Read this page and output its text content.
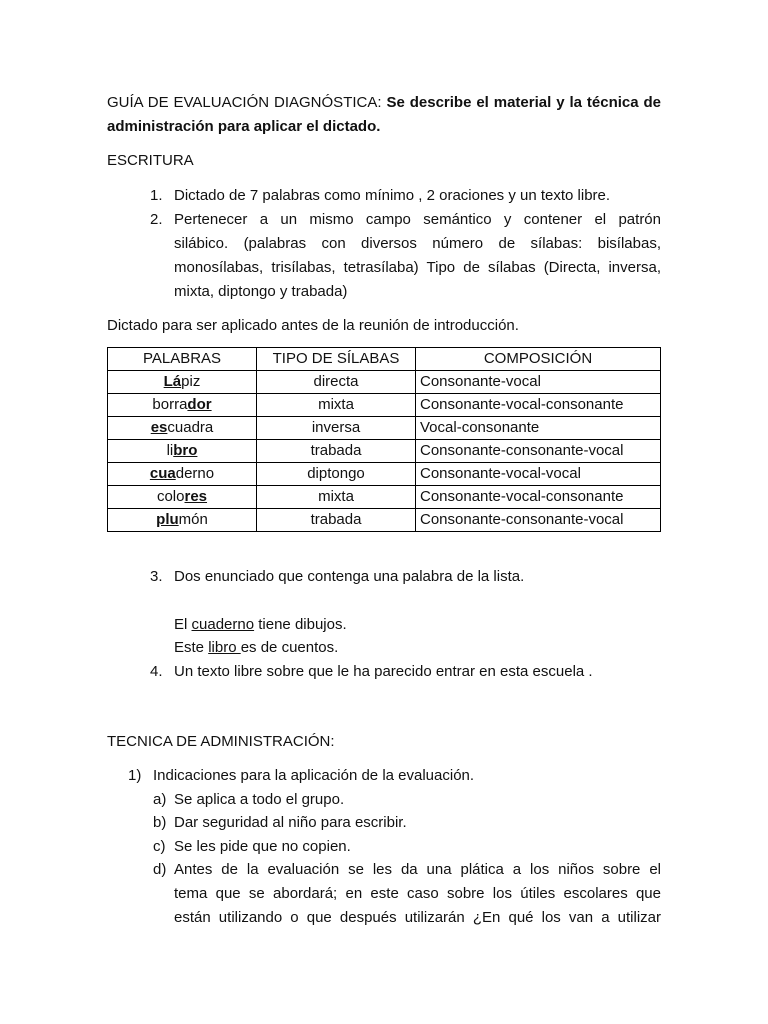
GUÍA DE EVALUACIÓN DIAGNÓSTICA: Se describe el material y la técnica de
administración para aplicar el dictado.
ESCRITURA
1. Dictado de 7 palabras como mínimo , 2 oraciones y un texto libre.
2. Pertenecer a un mismo campo semántico y contener el patrón
silábico. (palabras con diversos número de sílabas: bisílabas,
monosílabas, trisílabas, tetrasílaba) Tipo de sílabas (Directa, inversa,
mixta, diptongo y trabada)
Dictado para ser aplicado antes de la reunión de introducción.
PALABRAS	TIPO DE SÍLABAS	COMPOSICIÓN
Lápiz	directa	Consonante-vocal
borrador	mixta	Consonante-vocal-consonante
escuadra	inversa	Vocal-consonante
libro	trabada	Consonante-consonante-vocal
cuaderno	diptongo	Consonante-vocal-vocal
colores	mixta	Consonante-vocal-consonante
plumón	trabada	Consonante-consonante-vocal
3. Dos enunciado que contenga una palabra de la lista.
El cuaderno tiene dibujos.
Este libro es de cuentos.
4. Un texto libre sobre que le ha parecido entrar en esta escuela .
TECNICA DE ADMINISTRACIÓN:
1) Indicaciones para la aplicación de la evaluación.
a) Se aplica a todo el grupo.
b) Dar seguridad al niño para escribir.
c) Se les pide que no copien.
d) Antes de la evaluación se les da una plática a los niños sobre el
tema que se abordará; en este caso sobre los útiles escolares que
están utilizando o que después utilizarán ¿En qué los van a utilizar
